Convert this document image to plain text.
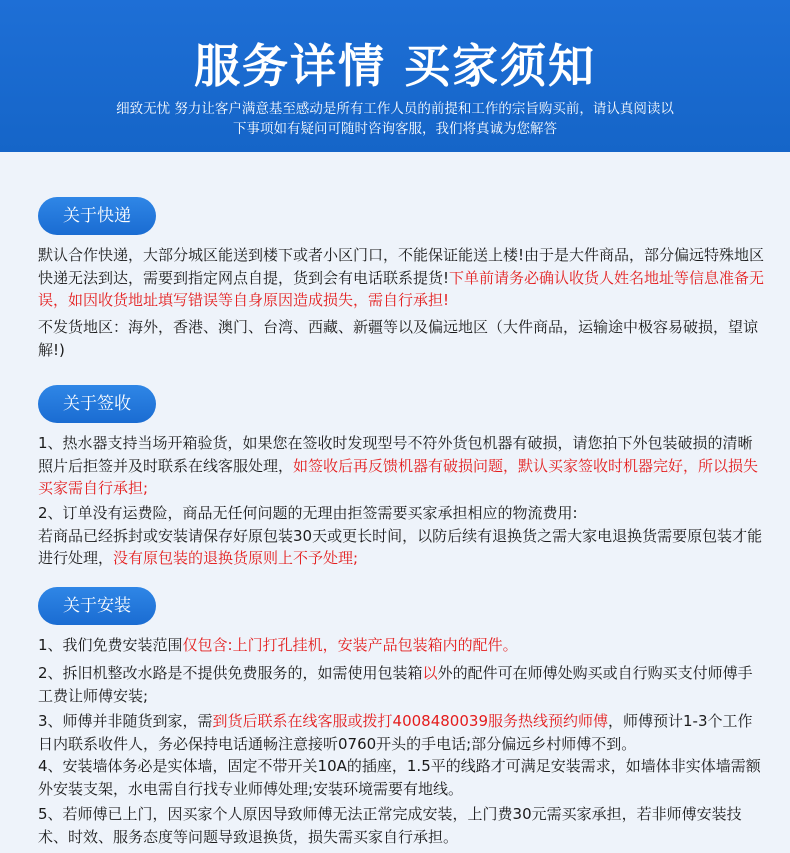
服务详情 买家须知
细致无忧 努力让客户满意基至感动是所有工作人员的前提和工作的宗旨购买前，请认真阅读以下事项如有疑问可随时咨询客服，我们将真诚为您解答
关于快递
默认合作快递，大部分城区能送到楼下或者小区门口，不能保证能送上楼!由于是大件商品，部分偏远特殊地区快递无法到达，需要到指定网点自提，货到会有电话联系提货!下单前请务必确认收货人姓名地址等信息准备无误，如因收货地址填写错误等自身原因造成损失，需自行承担!
不发货地区：海外，香港、澳门、台湾、西藏、新疆等以及偏远地区（大件商品，运输途中极容易破损，望谅解!)
关于签收
1、热水器支持当场开箱验货，如果您在签收时发现型号不符外货包机器有破损，请您拍下外包装破损的清晰照片后拒签并及时联系在线客服处理，如签收后再反馈机器有破损问题，默认买家签收时机器完好，所以损失买家需自行承担;
2、订单没有运费险，商品无任何问题的无理由拒签需要买家承担相应的物流费用:
若商品已经拆封或安装请保存好原包装30天或更长时间，以防后续有退换货之需大家电退换货需要原包装才能进行处理，没有原包装的退换货原则上不予处理;
关于安装
1、我们免费安装范围仅包含:上门打孔挂机，安装产品包装箱内的配件。
2、拆旧机整改水路是不提供免费服务的，如需使用包装箱以外的配件可在师傅处购买或自行购买支付师傅手工费让师傅安装;
3、师傅并非随货到家，需到货后联系在线客服或拨打4008480039服务热线预约师傅，师傅预计1-3个工作日内联系收件人，务必保持电话通畅注意接听0760开头的手电话;部分偏远乡村师傅不到。
4、安装墙体务必是实体墙，固定不带开关10A的插座，1.5平的线路才可满足安装需求，如墙体非实体墙需额外安装支架，水电需自行找专业师傅处理;安装环境需要有地线。
5、若师傅已上门，因买家个人原因导致师傅无法正常完成安装，上门费30元需买家承担，若非师傅安装技术、时效、服务态度等问题导致退换货，损失需买家自行承担。
